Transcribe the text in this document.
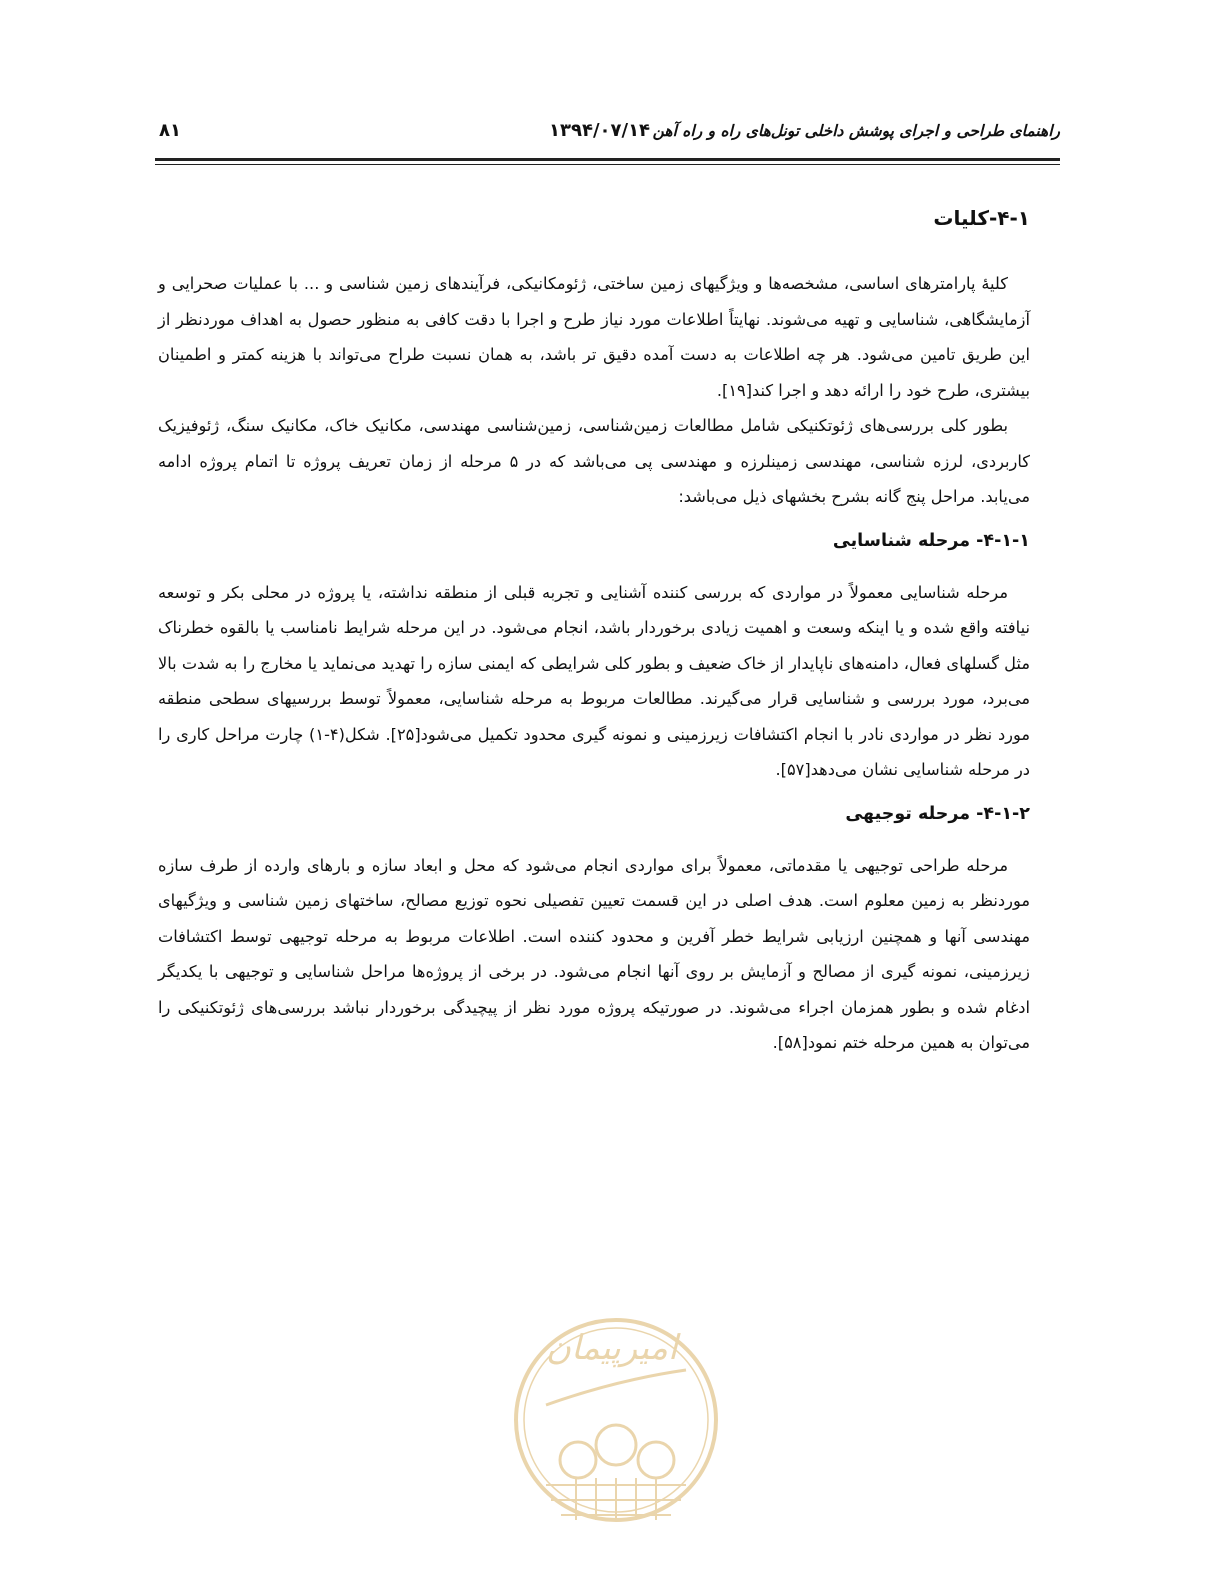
راهنمای طراحی و اجرای پوشش داخلی تونل‌های راه و راه آهن
۱۳۹۴/۰۷/۱۴
۸۱
۴-۱-کلیات

کلیهٔ پارامترهای اساسی، مشخصه‌ها و ویژگیهای زمین ساختی، ژئومکانیکی، فرآیندهای زمین شناسی و ... با عملیات صحرایی و آزمایشگاهی، شناسایی و تهیه می‌شوند. نهایتاً اطلاعات مورد نیاز طرح و اجرا با دقت کافی به منظور حصول به اهداف موردنظر از این طریق تامین می‌شود. هر چه اطلاعات به دست آمده دقیق تر باشد، به همان نسبت طراح می‌تواند با هزینه کمتر و اطمینان بیشتری، طرح خود را ارائه دهد و اجرا کند[۱۹].

بطور کلی بررسی‌های ژئوتکنیکی شامل مطالعات زمین‌شناسی، زمین‌شناسی مهندسی، مکانیک خاک، مکانیک سنگ، ژئوفیزیک کاربردی، لرزه شناسی، مهندسی زمینلرزه و مهندسی پی می‌باشد که در ۵ مرحله از زمان تعریف پروژه تا اتمام پروژه ادامه می‌یابد. مراحل پنج گانه بشرح بخشهای ذیل می‌باشد:

۴-۱-۱- مرحله شناسایی

مرحله شناسایی معمولاً در مواردی که بررسی کننده آشنایی و تجربه قبلی از منطقه نداشته، یا پروژه در محلی بکر و توسعه نیافته واقع شده و یا اینکه وسعت و اهمیت زیادی برخوردار باشد، انجام می‌شود. در این مرحله شرایط نامناسب یا بالقوه خطرناک مثل گسلهای فعال، دامنه‌های ناپایدار از خاک ضعیف و بطور کلی شرایطی که ایمنی سازه را تهدید می‌نماید یا مخارج را به شدت بالا می‌برد، مورد بررسی و شناسایی قرار می‌گیرند. مطالعات مربوط به مرحله شناسایی، معمولاً توسط بررسیهای سطحی منطقه مورد نظر در مواردی نادر با انجام اکتشافات زیرزمینی و نمونه گیری محدود تکمیل می‌شود[۲۵]. شکل(۴-۱) چارت مراحل کاری را در مرحله شناسایی نشان می‌دهد[۵۷].

۴-۱-۲- مرحله توجیهی

مرحله طراحی توجیهی یا مقدماتی، معمولاً برای مواردی انجام می‌شود که محل و ابعاد سازه و بارهای وارده از طرف سازه موردنظر به زمین معلوم است. هدف اصلی در این قسمت تعیین تفصیلی نحوه توزیع مصالح، ساختهای زمین شناسی و ویژگیهای مهندسی آنها و همچنین ارزیابی شرایط خطر آفرین و محدود کننده است. اطلاعات مربوط به مرحله توجیهی توسط اکتشافات زیرزمینی، نمونه گیری از مصالح و آزمایش بر روی آنها انجام می‌شود. در برخی از پروژه‌ها مراحل شناسایی و توجیهی با یکدیگر ادغام شده و بطور همزمان اجراء می‌شوند. در صورتیکه پروژه مورد نظر از پیچیدگی برخوردار نباشد بررسی‌های ژئوتکنیکی را می‌توان به همین مرحله ختم نمود[۵۸].

امیرپیمان
